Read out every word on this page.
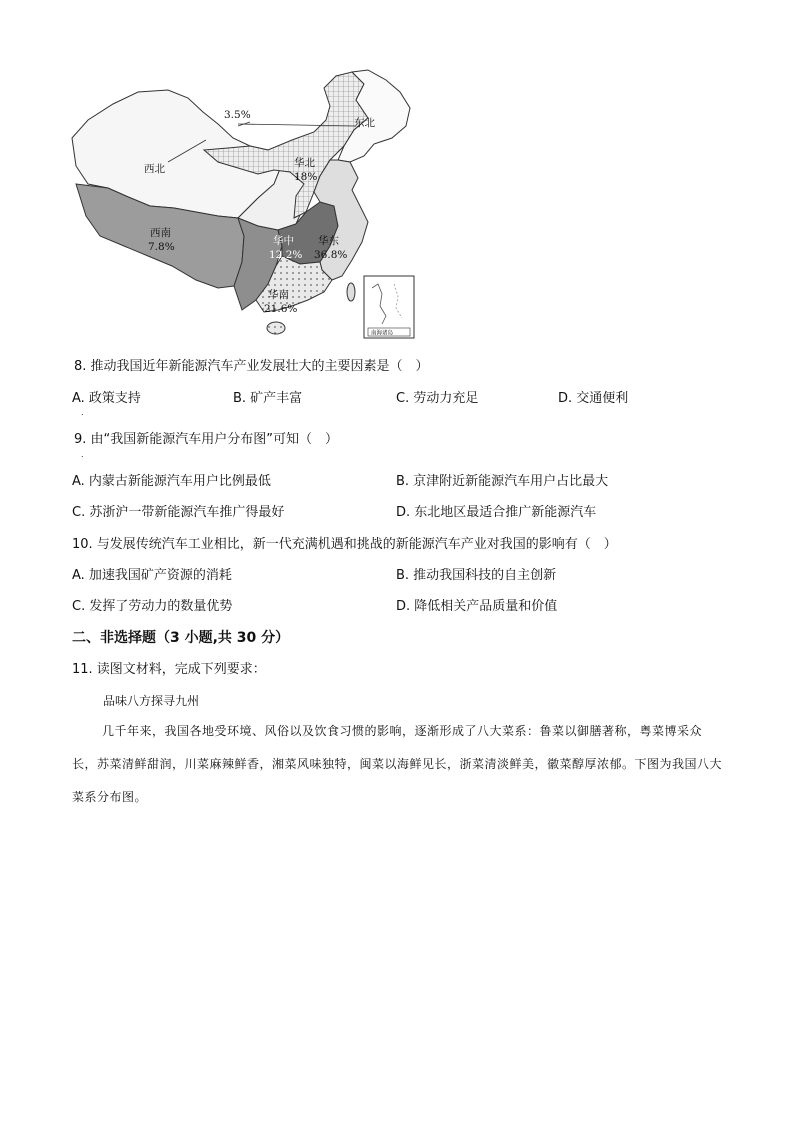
3.5%
东北
西北	华北
18%
西南
7.8%	华中
12.2%
华东
36.8%
华南
21.6%
南海诸岛
8. 推动我国近年新能源汽车产业发展壮大的主要因素是（　）
A. 政策支持
.
B. 矿产丰富	C. 劳动力充足	D. 交通便利
9. 由“我国新能源汽车用户分布图”可知（　）
.
A. 内蒙古新能源汽车用户比例最低	B. 京津附近新能源汽车用户占比最大
C. 苏浙沪一带新能源汽车推广得最好	D. 东北地区最适合推广新能源汽车
10. 与发展传统汽车工业相比，新一代充满机遇和挑战的新能源汽车产业对我国的影响有（　）
A. 加速我国矿产资源的消耗	B. 推动我国科技的自主创新
C. 发挥了劳动力的数量优势	D. 降低相关产品质量和价值
二、非选择题（3 小题,共 30 分）
11. 读图文材料，完成下列要求：
品味八方探寻九州
几千年来，我国各地受环境、风俗以及饮食习惯的影响，逐渐形成了八大菜系：鲁菜以御膳著称，粤菜博采众长，苏菜清鲜甜润，川菜麻辣鲜香，湘菜风味独特，闽菜以海鲜见长，浙菜清淡鲜美，徽菜醇厚浓郁。下图为我国八大菜系分布图。
